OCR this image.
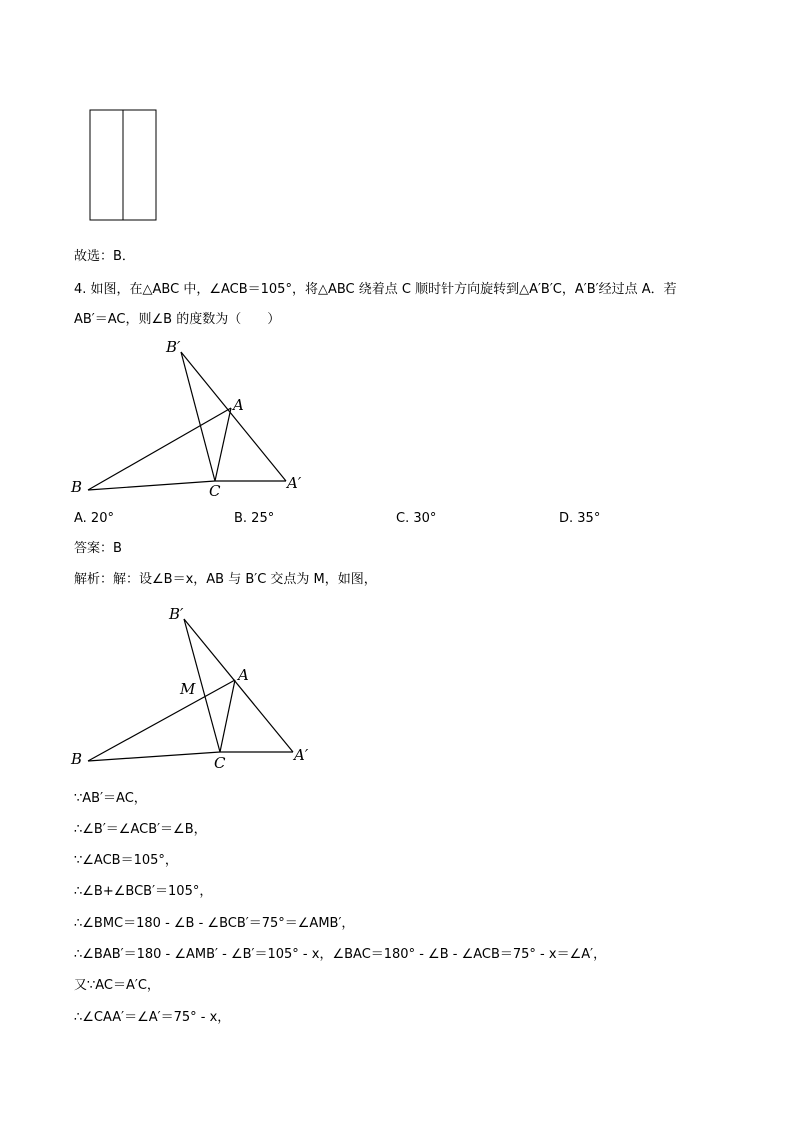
故选：B．
4. 如图，在△ABC 中，∠ACB＝105°，将△ABC 绕着点 C 顺时针方向旋转到△A′B′C，A′B′经过点 A．若
AB′＝AC，则∠B 的度数为（　　）
B′
A
B	C	A′
A. 20°	B. 25°	C. 30°	D. 35°
答案：B
解析：解：设∠B＝x，AB 与 B′C 交点为 M，如图，
B′
M
A
B	C	A′
∵AB′＝AC，
∴∠B′＝∠ACB′＝∠B，
∵∠ACB＝105°，
∴∠B+∠BCB′＝105°，
∴∠BMC＝180 - ∠B - ∠BCB′＝75°＝∠AMB′，
∴∠BAB′＝180 - ∠AMB′ - ∠B′＝105° - x，∠BAC＝180° - ∠B - ∠ACB＝75° - x＝∠A′，
又∵AC＝A′C，
∴∠CAA′＝∠A′＝75° - x，
